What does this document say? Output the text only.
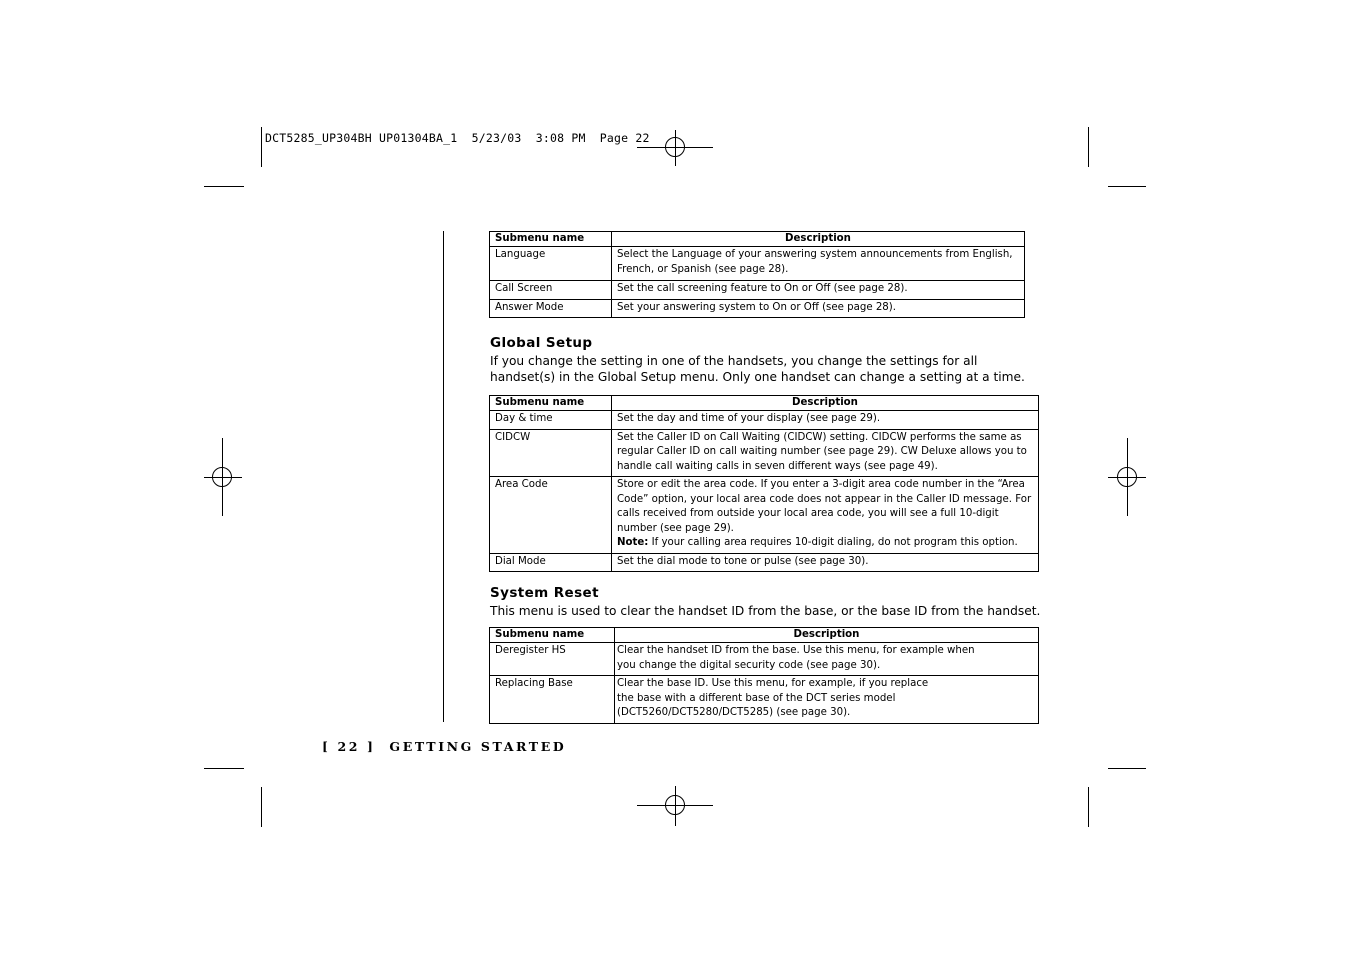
DCT5285_UP304BH UP01304BA_1  5/23/03  3:08 PM  Page 22
Submenu name	Description
Language	Select the Language of your answering system announcements from English, French, or Spanish (see page 28).
Call Screen	Set the call screening feature to On or Off (see page 28).
Answer Mode	Set your answering system to On or Off (see page 28).
Global Setup
If you change the setting in one of the handsets, you change the settings for all handset(s) in the Global Setup menu. Only one handset can change a setting at a time.
Submenu name	Description
Day & time	Set the day and time of your display (see page 29).
CIDCW	Set the Caller ID on Call Waiting (CIDCW) setting. CIDCW performs the same as regular Caller ID on call waiting number (see page 29). CW Deluxe allows you to handle call waiting calls in seven different ways (see page 49).
Area Code	Store or edit the area code. If you enter a 3-digit area code number in the “Area Code” option, your local area code does not appear in the Caller ID message. For calls received from outside your local area code, you will see a full 10-digit number (see page 29).
Note: If your calling area requires 10-digit dialing, do not program this option.
Dial Mode	Set the dial mode to tone or pulse (see page 30).
System Reset
This menu is used to clear the handset ID from the base, or the base ID from the handset.
Submenu name	Description
Deregister HS	Clear the handset ID from the base. Use this menu, for example when
you change the digital security code (see page 30).
Replacing Base	Clear the base ID. Use this menu, for example, if you replace
the base with a different base of the DCT series model
(DCT5260/DCT5280/DCT5285) (see page 30).
[ 22 ]  GETTING STARTED
